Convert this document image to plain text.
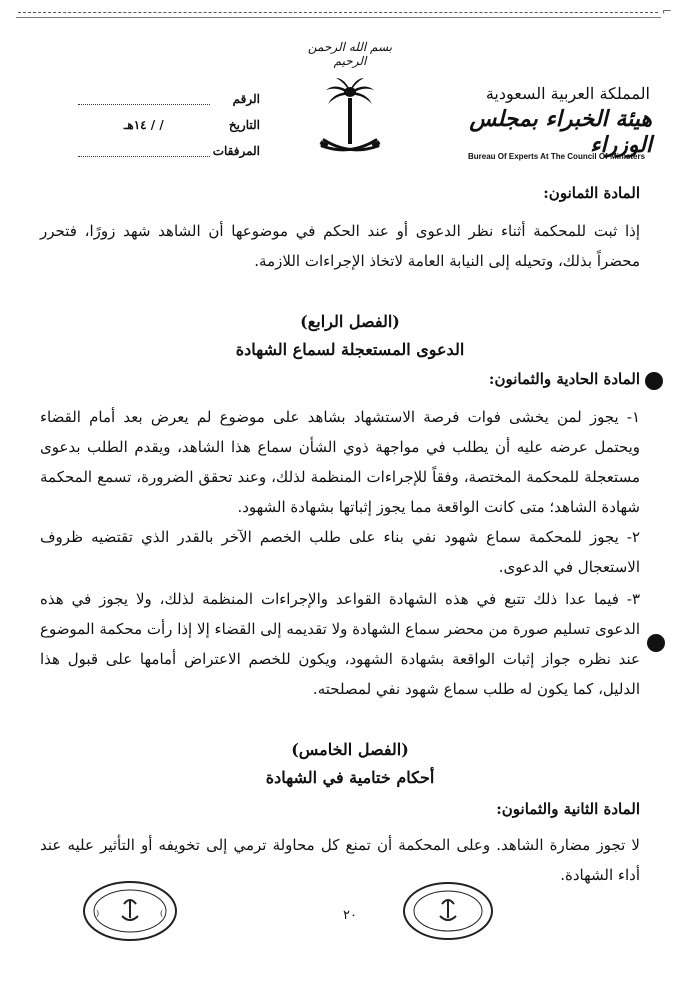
⌐
بسم الله الرحمن الرحيم
المملكة العربية السعودية
هيئة الخبراء بمجلس الوزراء
Bureau Of Experts At The Council Of Ministers
الرقم
التاريخ / / ١٤هـ
المرفقات
المادة الثمانون:
إذا ثبت للمحكمة أثناء نظر الدعوى أو عند الحكم في موضوعها أن الشاهد شهد زورًا، فتحرر محضراً بذلك، وتحيله إلى النيابة العامة لاتخاذ الإجراءات اللازمة.
(الفصل الرابع)
الدعوى المستعجلة لسماع الشهادة
المادة الحادية والثمانون:
١- يجوز لمن يخشى فوات فرصة الاستشهاد بشاهد على موضوع لم يعرض بعد أمام القضاء ويحتمل عرضه عليه أن يطلب في مواجهة ذوي الشأن سماع هذا الشاهد، ويقدم الطلب بدعوى مستعجلة للمحكمة المختصة، وفقاً للإجراءات المنظمة لذلك، وعند تحقق الضرورة، تسمع المحكمة شهادة الشاهد؛ متى كانت الواقعة مما يجوز إثباتها بشهادة الشهود.
٢- يجوز للمحكمة سماع شهود نفي بناء على طلب الخصم الآخر بالقدر الذي تقتضيه ظروف الاستعجال في الدعوى.
٣- فيما عدا ذلك تتبع في هذه الشهادة القواعد والإجراءات المنظمة لذلك، ولا يجوز في هذه الدعوى تسليم صورة من محضر سماع الشهادة ولا تقديمه إلى القضاء إلا إذا رأت محكمة الموضوع عند نظره جواز إثبات الواقعة بشهادة الشهود، ويكون للخصم الاعتراض أمامها على قبول هذا الدليل، كما يكون له طلب سماع شهود نفي لمصلحته.
(الفصل الخامس)
أحكام ختامية في الشهادة
المادة الثانية والثمانون:
لا تجوز مضارة الشاهد. وعلى المحكمة أن تمنع كل محاولة ترمي إلى تخويفه أو التأثير عليه عند أداء الشهادة.
٢٠
)	(
